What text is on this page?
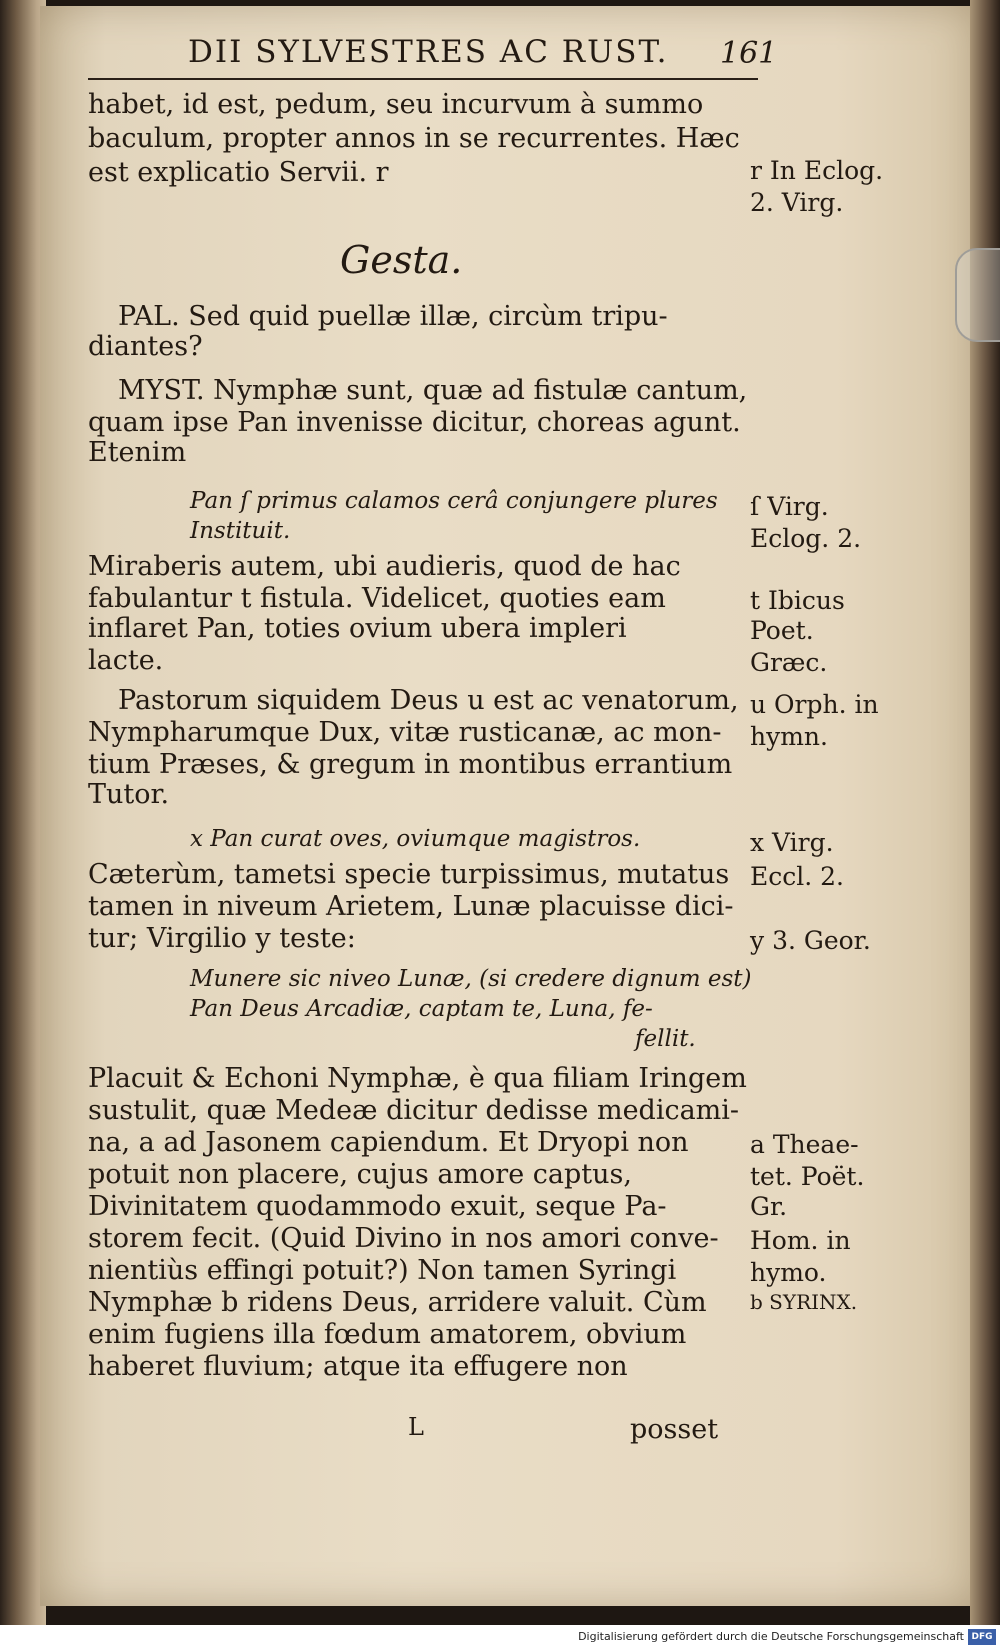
DII SYLVESTRES AC RUST. 161
habet, id est, pedum, seu incurvum à summo
baculum, propter annos in se recurrentes. Hæc
est explicatio Servii. r
Gesta.
PAL. Sed quid puellæ illæ, circùm tripu-
diantes?
MYST. Nymphæ sunt, quæ ad fistulæ cantum,
quam ipse Pan invenisse dicitur, choreas agunt.
Etenim
Pan ſ primus calamos cerâ conjungere plures
Instituit.
Miraberis autem, ubi audieris, quod de hac
fabulantur t fistula. Videlicet, quoties eam
inflaret Pan, toties ovium ubera impleri
lacte.
Pastorum siquidem Deus u est ac venatorum,
Nympharumque Dux, vitæ rusticanæ, ac mon-
tium Præses, & gregum in montibus errantium
Tutor.
x Pan curat oves, oviumque magistros.
Cæterùm, tametsi specie turpissimus, mutatus
tamen in niveum Arietem, Lunæ placuisse dici-
tur; Virgilio y teste:
Munere sic niveo Lunæ, (si credere dignum est)
Pan Deus Arcadiæ, captam te, Luna, fe-
fellit.
Placuit & Echoni Nymphæ, è qua filiam Iringem
sustulit, quæ Medeæ dicitur dedisse medicami-
na, a ad Jasonem capiendum. Et Dryopi non
potuit non placere, cujus amore captus,
Divinitatem quodammodo exuit, seque Pa-
storem fecit. (Quid Divino in nos amori conve-
nientiùs effingi potuit?) Non tamen Syringi
Nymphæ b ridens Deus, arridere valuit. Cùm
enim fugiens illa fœdum amatorem, obvium
haberet fluvium; atque ita effugere non
L	posset
r In Eclog.
2. Virg.
ſ Virg.
Eclog. 2.
t Ibicus
Poet.
Græc.
u Orph. in
hymn.
x Virg.
Eccl. 2.
y 3. Geor.
a Theae-
tet. Poët.
Gr.
Hom. in
hymo.
b SYRINX.
Digitalisierung gefördert durch die Deutsche Forschungsgemeinschaft DFG
